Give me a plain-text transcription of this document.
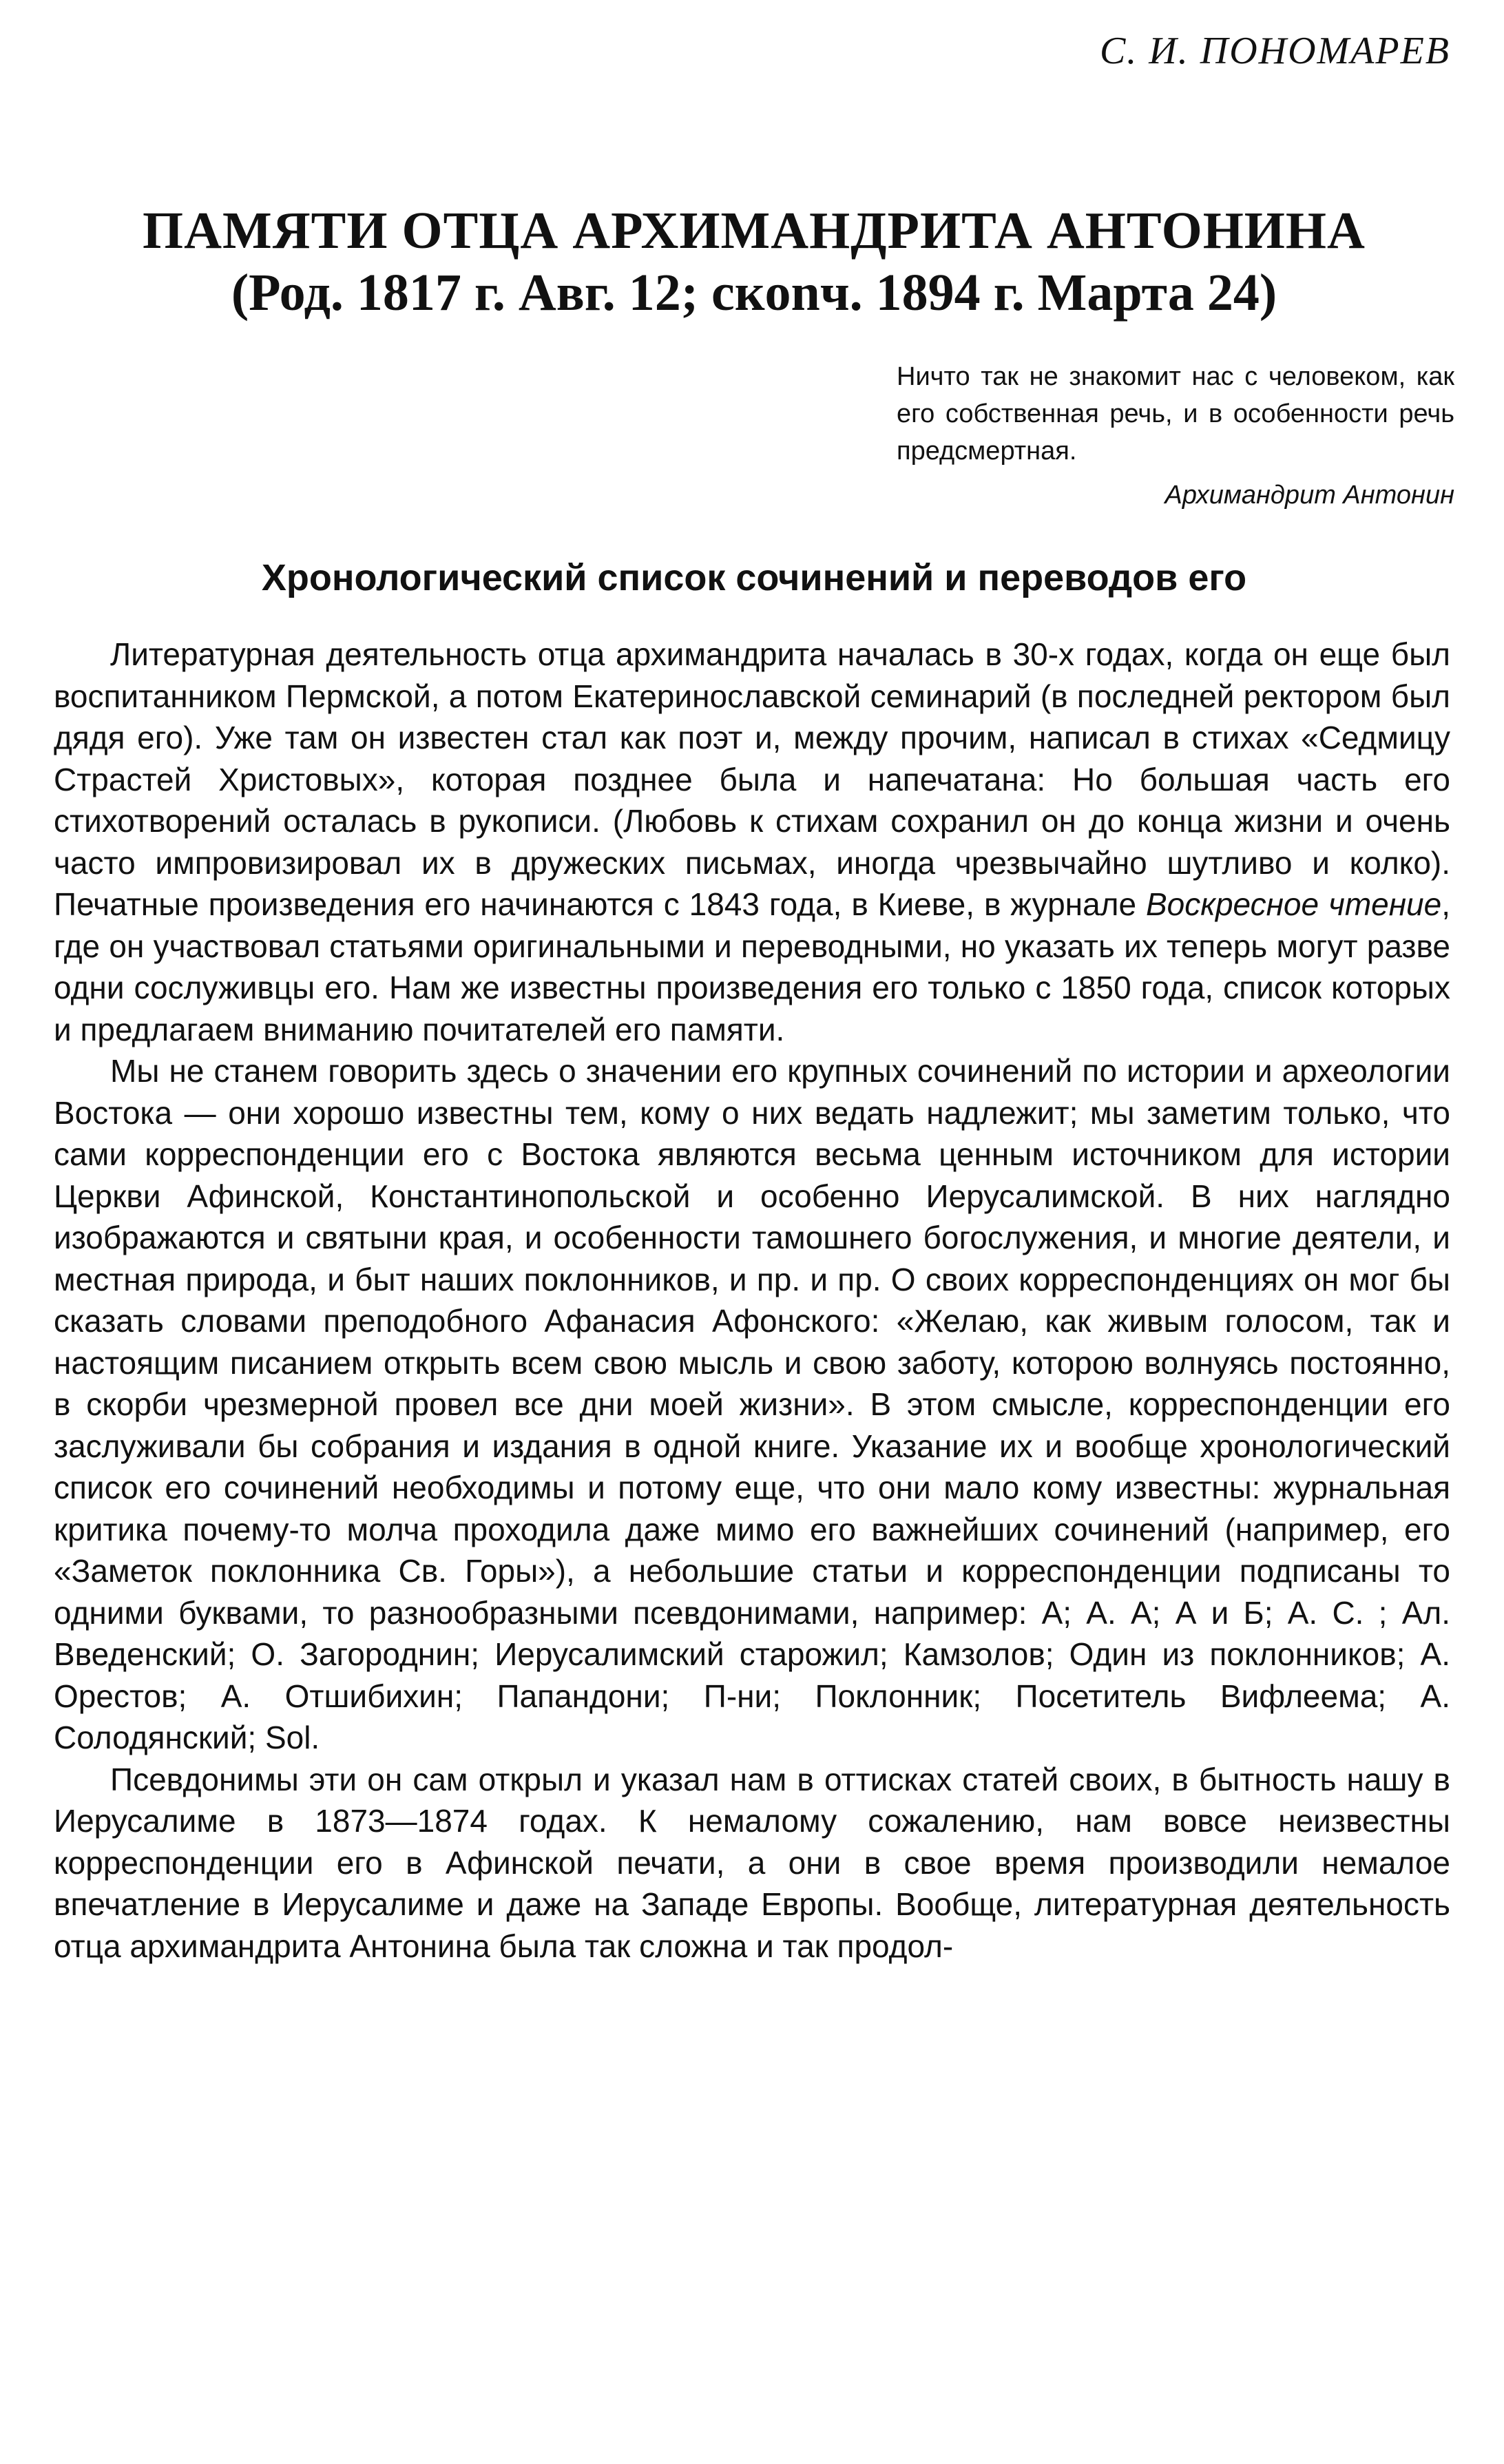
С. И. ПОНОМАРЕВ
ПАМЯТИ ОТЦА АРХИМАНДРИТА АНТОНИНА
(Род. 1817 г. Авг. 12; скonч. 1894 г. Марта 24)
Ничто так не знакомит нас с человеком, как его собственная речь, и в особенности речь предсмертная.
Архимандрит Антонин
Хронологический список сочинений и переводов его

Литературная деятельность отца архимандрита началась в 30-х годах, когда он еще был воспитанником Пермской, а потом Екатеринославской семинарий (в последней ректором был дядя его). Уже там он известен стал как поэт и, между прочим, написал в стихах «Седмицу Страстей Христовых», которая позднее была и напечатана: Но большая часть его стихотворений осталась в рукописи. (Любовь к стихам сохранил он до конца жизни и очень часто импровизировал их в дружеских письмах, иногда чрезвычайно шутливо и колко). Печатные произведения его начинаются с 1843 года, в Киеве, в журнале Воскресное чтение, где он участвовал статьями оригинальными и переводными, но указать их теперь могут разве одни сослуживцы его. Нам же известны произведения его только с 1850 года, список которых и предлагаем вниманию почитателей его памяти.

Мы не станем говорить здесь о значении его крупных сочинений по истории и археологии Востока — они хорошо известны тем, кому о них ведать надлежит; мы заметим только, что сами корреспонденции его с Востока являются весьма ценным источником для истории Церкви Афинской, Константинопольской и особенно Иерусалимской. В них наглядно изображаются и святыни края, и особенности тамошнего богослужения, и многие деятели, и местная природа, и быт наших поклонников, и пр. и пр. О своих корреспонденциях он мог бы сказать словами преподобного Афанасия Афонского: «Желаю, как живым голосом, так и настоящим писанием открыть всем свою мысль и свою заботу, которою волнуясь постоянно, в скорби чрезмерной провел все дни моей жизни». В этом смысле, корреспонденции его заслуживали бы собрания и издания в одной книге. Указание их и вообще хронологический список его сочинений необходимы и потому еще, что они мало кому известны: журнальная критика почему-то молча проходила даже мимо его важнейших сочинений (например, его «Заметок поклонника Св. Горы»), а небольшие статьи и корреспонденции подписаны то одними буквами, то разнообразными псевдонимами, например: А; А. А; А и Б; А. С. ; Ал. Введенский; О. Загороднин; Иерусалимский старожил; Камзолов; Один из поклонников; А. Орестов; А. Отшибихин; Папандони; П-ни; Поклонник; Посетитель Вифлеема; А. Солодянский; Sol.

Псевдонимы эти он сам открыл и указал нам в оттисках статей своих, в бытность нашу в Иерусалиме в 1873—1874 годах. К немалому сожалению, нам вовсе неизвестны корреспонденции его в Афинской печати, а они в свое время производили немалое впечатление в Иерусалиме и даже на Западе Европы. Вообще, литературная деятельность отца архимандрита Антонина была так сложна и так продол-
